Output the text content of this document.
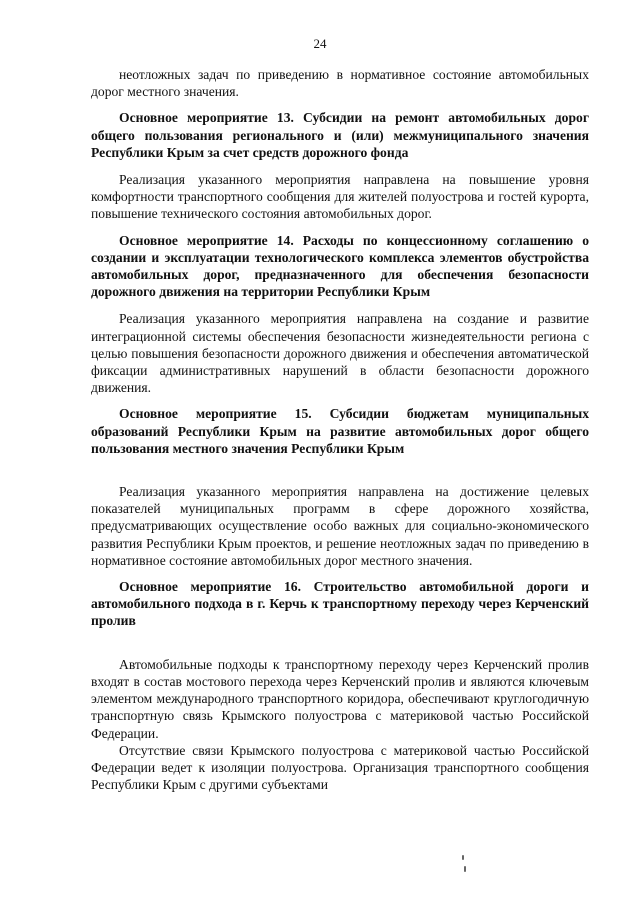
24

неотложных задач по приведению в нормативное состояние автомобильных дорог местного значения.

Основное мероприятие 13. Субсидии на ремонт автомобильных дорог общего пользования регионального и (или) межмуниципального значения Республики Крым за счет средств дорожного фонда

Реализация указанного мероприятия направлена на повышение уровня комфортности транспортного сообщения для жителей полуострова и гостей курорта, повышение технического состояния автомобильных дорог.

Основное мероприятие 14. Расходы по концессионному соглашению о создании и эксплуатации технологического комплекса элементов обустройства автомобильных дорог, предназначенного для обеспечения безопасности дорожного движения на территории Республики Крым

Реализация указанного мероприятия направлена на создание и развитие интеграционной системы обеспечения безопасности жизнедеятельности региона с целью повышения безопасности дорожного движения и обеспечения автоматической фиксации административных нарушений в области безопасности дорожного движения.

Основное мероприятие 15. Субсидии бюджетам муниципальных образований Республики Крым на развитие автомобильных дорог общего пользования местного значения Республики Крым

Реализация указанного мероприятия направлена на достижение целевых показателей муниципальных программ в сфере дорожного хозяйства, предусматривающих осуществление особо важных для социально-экономического развития Республики Крым проектов, и решение неотложных задач по приведению в нормативное состояние автомобильных дорог местного значения.

Основное мероприятие 16. Строительство автомобильной дороги и автомобильного подхода в г. Керчь к транспортному переходу через Керченский пролив

Автомобильные подходы к транспортному переходу через Керченский пролив входят в состав мостового перехода через Керченский пролив и являются ключевым элементом международного транспортного коридора, обеспечивают круглогодичную транспортную связь Крымского полуострова с материковой частью Российской Федерации.

Отсутствие связи Крымского полуострова с материковой частью Российской Федерации ведет к изоляции полуострова. Организация транспортного сообщения Республики Крым с другими субъектами
